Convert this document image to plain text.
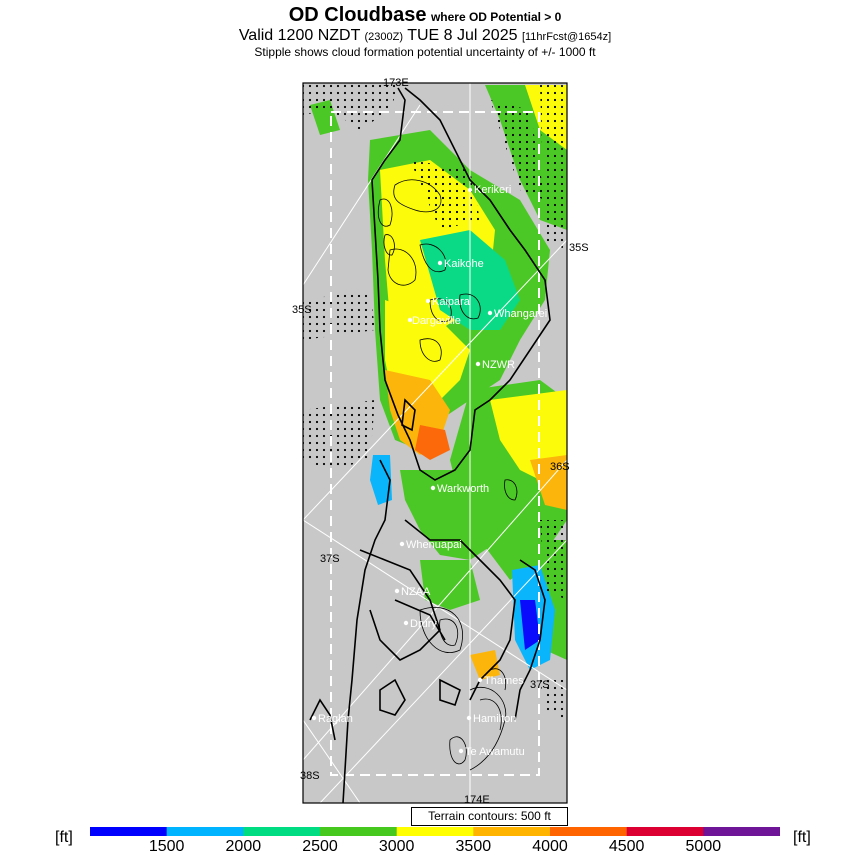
Kerikeri
Kaikohe
Kaipara
Dargaville
Whangarei
NZWR
Warkworth
Whenuapai
NZAA
Drury
Thames
Raglan	Hamilton
Te Awamutu
173E
174E
35S
35S
36S
37S
37S
38S
OD Cloudbase where OD Potential > 0
Valid 1200 NZDT (2300Z) TUE 8 Jul 2025 [11hrFcst@1654z]
Stipple shows cloud formation potential uncertainty of +/- 1000 ft
Terrain contours: 500 ft
[ft]	[ft]
1500	2000	2500	3000	3500	4000	4500	5000
